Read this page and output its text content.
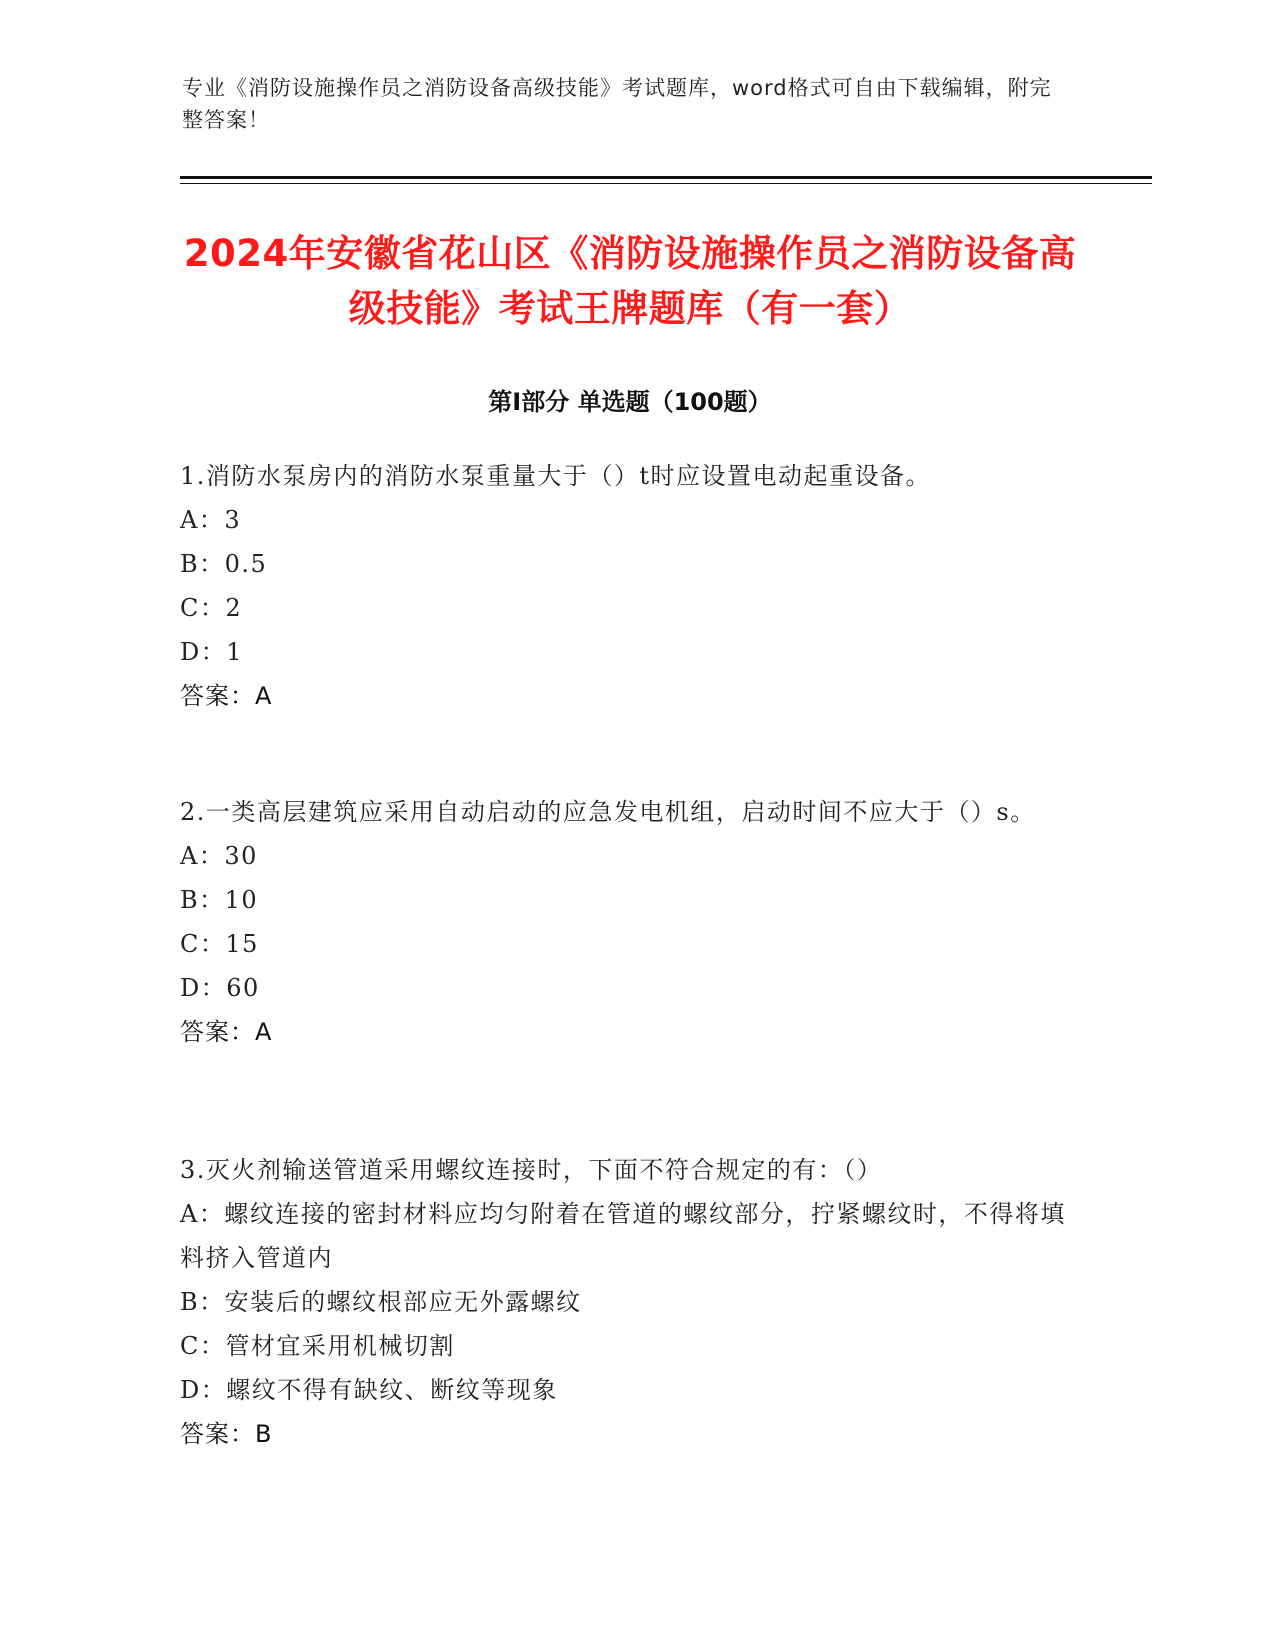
专业《消防设施操作员之消防设备高级技能》考试题库，word格式可自由下载编辑，附完整答案！
2024年安徽省花山区《消防设施操作员之消防设备高级技能》考试王牌题库（有一套）
第I部分 单选题（100题）
1.消防水泵房内的消防水泵重量大于（）t时应设置电动起重设备。
A：3
B：0.5
C：2
D：1
答案：A
2.一类高层建筑应采用自动启动的应急发电机组，启动时间不应大于（）s。
A：30
B：10
C：15
D：60
答案：A
3.灭火剂输送管道采用螺纹连接时，下面不符合规定的有：（）
A：螺纹连接的密封材料应均匀附着在管道的螺纹部分，拧紧螺纹时，不得将填料挤入管道内
B：安装后的螺纹根部应无外露螺纹
C：管材宜采用机械切割
D：螺纹不得有缺纹、断纹等现象
答案：B
